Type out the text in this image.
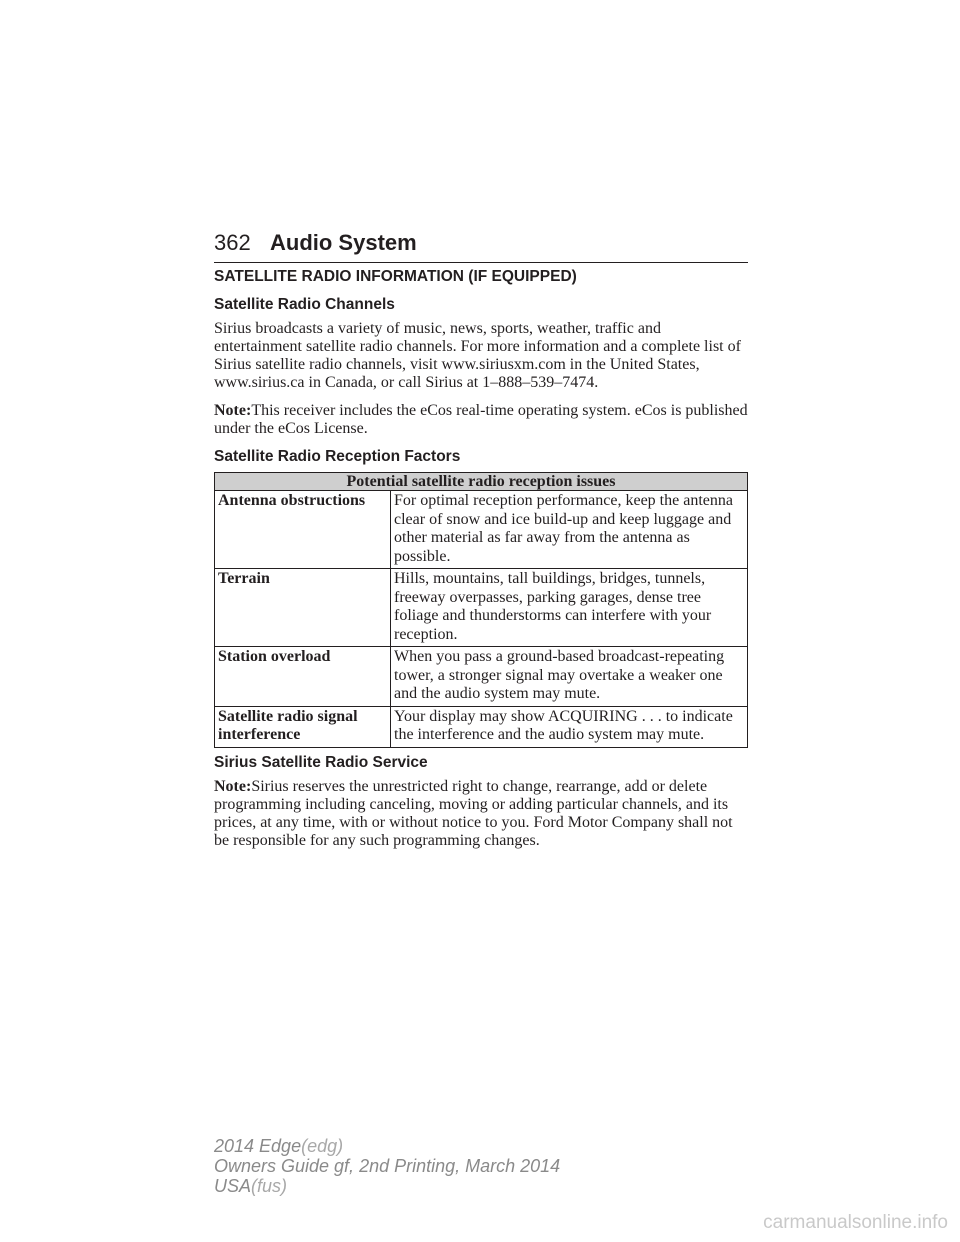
362 Audio System
SATELLITE RADIO INFORMATION (IF EQUIPPED)
Satellite Radio Channels

Sirius broadcasts a variety of music, news, sports, weather, traffic and entertainment satellite radio channels. For more information and a complete list of Sirius satellite radio channels, visit www.siriusxm.com in the United States, www.sirius.ca in Canada, or call Sirius at 1–888–539–7474.

Note:This receiver includes the eCos real-time operating system. eCos is published under the eCos License.

Satellite Radio Reception Factors
Potential satellite radio reception issues	
Antenna obstructions	For optimal reception performance, keep the antenna clear of snow and ice build-up and keep luggage and other material as far away from the antenna as possible.
Terrain	Hills, mountains, tall buildings, bridges, tunnels, freeway overpasses, parking garages, dense tree foliage and thunderstorms can interfere with your reception.
Station overload	When you pass a ground-based broadcast-repeating tower, a stronger signal may overtake a weaker one and the audio system may mute.
Satellite radio signal interference	Your display may show ACQUIRING . . . to indicate the interference and the audio system may mute.
Sirius Satellite Radio Service

Note:Sirius reserves the unrestricted right to change, rearrange, add or delete programming including canceling, moving or adding particular channels, and its prices, at any time, with or without notice to you. Ford Motor Company shall not be responsible for any such programming changes.

2014 Edge(edg)
Owners Guide gf, 2nd Printing, March 2014
USA(fus)
carmanualsonline.info
